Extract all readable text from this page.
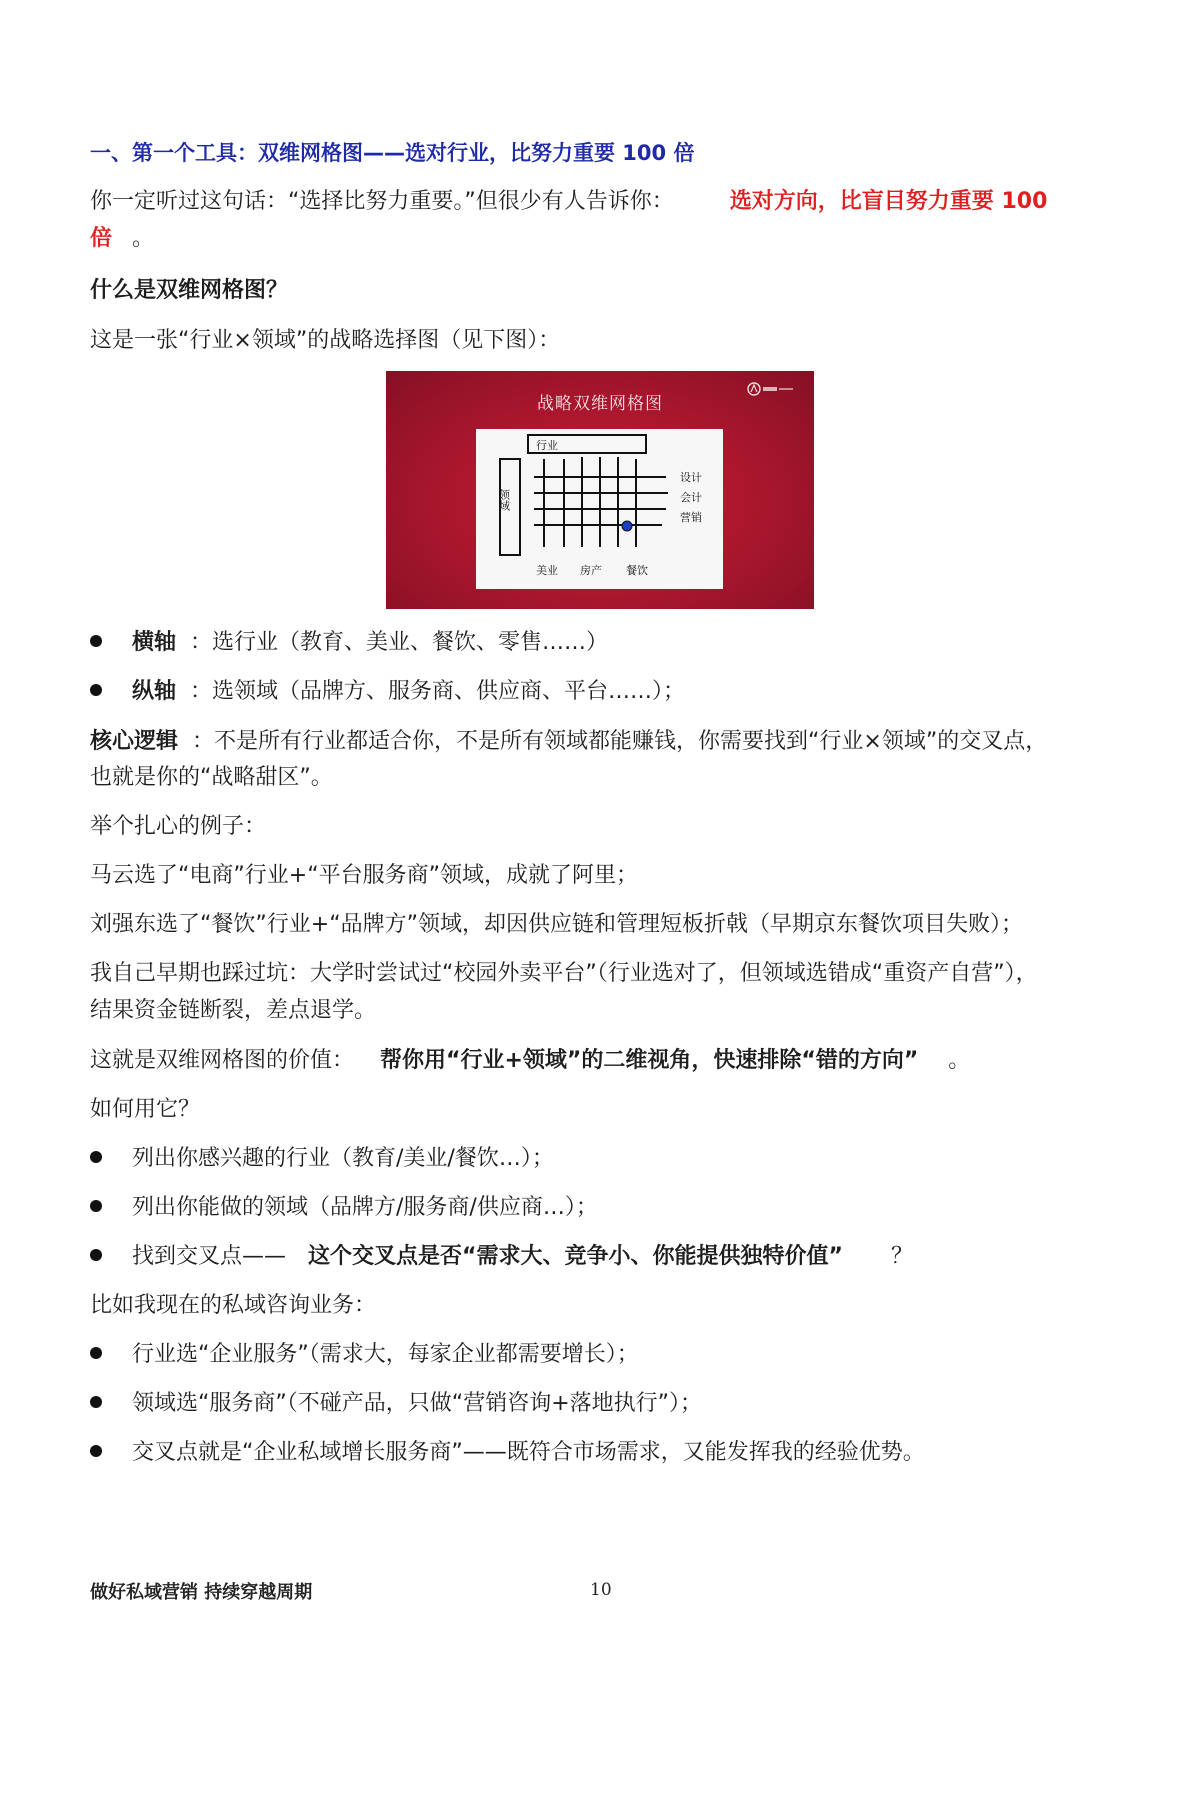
一、第一个工具：双维网格图——选对行业，比努力重要 100 倍
你一定听过这句话：“选择比努力重要。”但很少有人告诉你：	选对方向，比盲目努力重要 100
倍 。
什么是双维网格图？
这是一张“行业×领域”的战略选择图（见下图）：
战略双维网格图
设计
会计
营销
美业 房产 餐饮
行业
领域
横轴 ：选行业（教育、美业、餐饮、零售……）
纵轴 ：选领域（品牌方、服务商、供应商、平台……）；
核心逻辑 ：不是所有行业都适合你，不是所有领域都能赚钱，你需要找到“行业×领域”的交叉点，
也就是你的“战略甜区”。
举个扎心的例子：
马云选了“电商”行业+“平台服务商”领域，成就了阿里；
刘强东选了“餐饮”行业+“品牌方”领域，却因供应链和管理短板折戟（早期京东餐饮项目失败）；
我自己早期也踩过坑：大学时尝试过“校园外卖平台”（行业选对了，但领域选错成“重资产自营”），
结果资金链断裂，差点退学。
这就是双维网格图的价值： 帮你用“行业+领域”的二维视角，快速排除“错的方向” 。
如何用它？
列出你感兴趣的行业（教育/美业/餐饮…）；
列出你能做的领域（品牌方/服务商/供应商…）；
找到交叉点—— 这个交叉点是否“需求大、竞争小、你能提供独特价值” ？
比如我现在的私域咨询业务：
行业选“企业服务”（需求大，每家企业都需要增长）；
领域选“服务商”（不碰产品，只做“营销咨询+落地执行”）；
交叉点就是“企业私域增长服务商”——既符合市场需求，又能发挥我的经验优势。
做好私域营销 持续穿越周期	10
